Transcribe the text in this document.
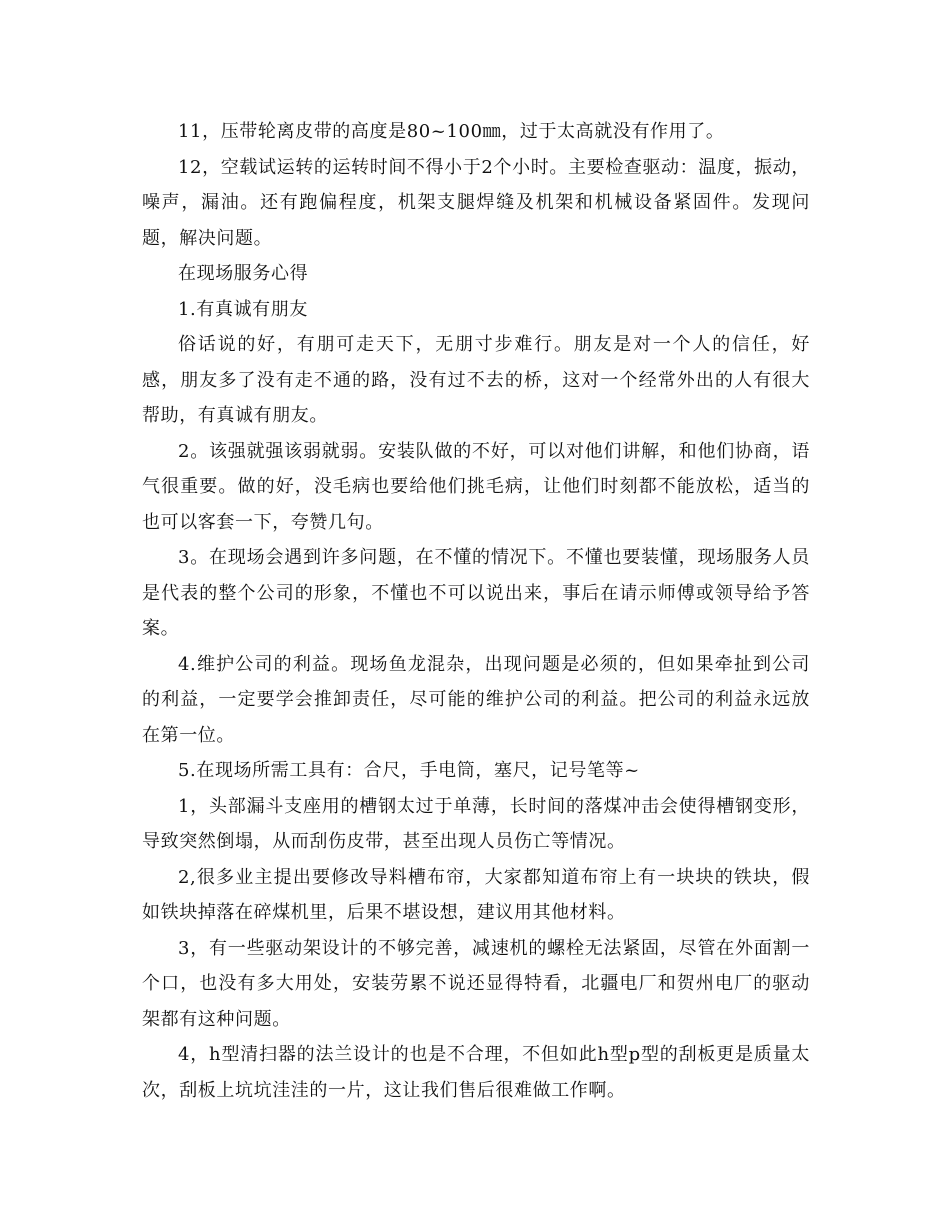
11，压带轮离皮带的高度是80~100㎜，过于太高就没有作用了。

12，空载试运转的运转时间不得小于2个小时。主要检查驱动：温度，振动，噪声，漏油。还有跑偏程度，机架支腿焊缝及机架和机械设备紧固件。发现问题，解决问题。

在现场服务心得

1.有真诚有朋友

俗话说的好，有朋可走天下，无朋寸步难行。朋友是对一个人的信任，好感，朋友多了没有走不通的路，没有过不去的桥，这对一个经常外出的人有很大帮助，有真诚有朋友。

2。该强就强该弱就弱。安装队做的不好，可以对他们讲解，和他们协商，语气很重要。做的好，没毛病也要给他们挑毛病，让他们时刻都不能放松，适当的也可以客套一下，夸赞几句。

3。在现场会遇到许多问题，在不懂的情况下。不懂也要装懂，现场服务人员是代表的整个公司的形象，不懂也不可以说出来，事后在请示师傅或领导给予答案。

4.维护公司的利益。现场鱼龙混杂，出现问题是必须的，但如果牵扯到公司的利益，一定要学会推卸责任，尽可能的维护公司的利益。把公司的利益永远放在第一位。

5.在现场所需工具有：合尺，手电筒，塞尺，记号笔等~

1，头部漏斗支座用的槽钢太过于单薄，长时间的落煤冲击会使得槽钢变形，导致突然倒塌，从而刮伤皮带，甚至出现人员伤亡等情况。

2,很多业主提出要修改导料槽布帘，大家都知道布帘上有一块块的铁块，假如铁块掉落在碎煤机里，后果不堪设想，建议用其他材料。

3，有一些驱动架设计的不够完善，减速机的螺栓无法紧固，尽管在外面割一个口，也没有多大用处，安装劳累不说还显得特看，北疆电厂和贺州电厂的驱动架都有这种问题。

4，h型清扫器的法兰设计的也是不合理，不但如此h型p型的刮板更是质量太次，刮板上坑坑洼洼的一片，这让我们售后很难做工作啊。
